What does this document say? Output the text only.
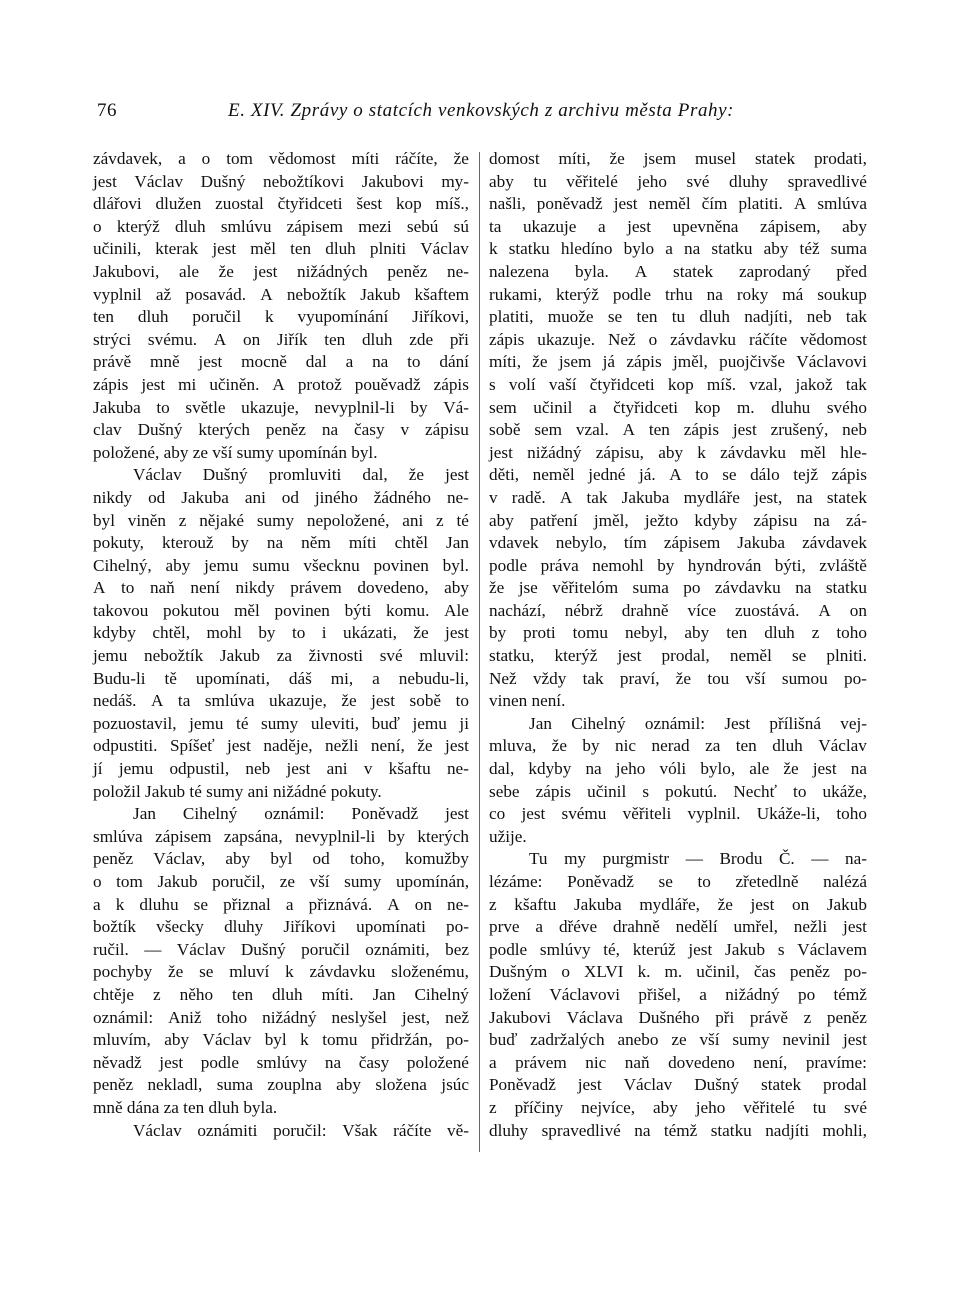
76	E. XIV. Zprávy o statcích venkovských z archivu města Prahy:
závdavek, a o tom vědomost míti ráčíte, že
jest Václav Dušný nebožtíkovi Jakubovi my-
dlářovi dlužen zuostal čtyřidceti šest kop míš.,
o kterýž dluh smlúvu zápisem mezi sebú sú
učinili, kterak jest měl ten dluh plniti Václav
Jakubovi, ale že jest nižádných peněz ne-
vyplnil až posavád. A nebožtík Jakub kšaftem
ten dluh poručil k vyupomínání Jiříkovi,
strýci svému. A on Jiřík ten dluh zde při
právě mně jest mocně dal a na to dání
zápis jest mi učiněn. A protož pouěvadž zápis
Jakuba to světle ukazuje, nevyplnil-li by Vá-
clav Dušný kterých peněz na časy v zápisu
položené, aby ze vší sumy upomínán byl.
Václav Dušný promluviti dal, že jest
nikdy od Jakuba ani od jiného žádného ne-
byl viněn z nějaké sumy nepoložené, ani z té
pokuty, kterouž by na něm míti chtěl Jan
Cihelný, aby jemu sumu všecknu povinen byl.
A to naň není nikdy právem dovedeno, aby
takovou pokutou měl povinen býti komu. Ale
kdyby chtěl, mohl by to i ukázati, že jest
jemu nebožtík Jakub za živnosti své mluvil:
Budu-li tě upomínati, dáš mi, a nebudu-li,
nedáš. A ta smlúva ukazuje, že jest sobě to
pozuostavil, jemu té sumy uleviti, buď jemu ji
odpustiti. Spíšeť jest naděje, nežli není, že jest
jí jemu odpustil, neb jest ani v kšaftu ne-
položil Jakub té sumy ani nižádné pokuty.
Jan Cihelný oznámil: Poněvadž jest
smlúva zápisem zapsána, nevyplnil-li by kterých
peněz Václav, aby byl od toho, komužby
o tom Jakub poručil, ze vší sumy upomínán,
a k dluhu se přiznal a přiznává. A on ne-
božtík všecky dluhy Jiříkovi upomínati po-
ručil. — Václav Dušný poručil oznámiti, bez
pochyby že se mluví k závdavku složenému,
chtěje z něho ten dluh míti. Jan Cihelný
oznámil: Aniž toho nižádný neslyšel jest, než
mluvím, aby Václav byl k tomu přidržán, po-
něvadž jest podle smlúvy na časy položené
peněz nekladl, suma zouplna aby složena jsúc
mně dána za ten dluh byla.
Václav oznámiti poručil: Však ráčíte vě-
domost míti, že jsem musel statek prodati,
aby tu věřitelé jeho své dluhy spravedlivé
našli, poněvadž jest neměl čím platiti. A smlúva
ta ukazuje a jest upevněna zápisem, aby
k statku hledíno bylo a na statku aby též suma
nalezena byla. A statek zaprodaný před
rukami, kterýž podle trhu na roky má soukup
platiti, muože se ten tu dluh nadjíti, neb tak
zápis ukazuje. Než o závdavku ráčíte vědomost
míti, že jsem já zápis jměl, puojčivše Václavovi
s volí vaší čtyřidceti kop míš. vzal, jakož tak
sem učinil a čtyřidceti kop m. dluhu svého
sobě sem vzal. A ten zápis jest zrušený, neb
jest nižádný zápisu, aby k závdavku měl hle-
děti, neměl jedné já. A to se dálo tejž zápis
v radě. A tak Jakuba mydláře jest, na statek
aby patření jměl, ježto kdyby zápisu na zá-
vdavek nebylo, tím zápisem Jakuba závdavek
podle práva nemohl by hyndrován býti, zvláště
že jse věřitelóm suma po závdavku na statku
nachází, nébrž drahně více zuostává. A on
by proti tomu nebyl, aby ten dluh z toho
statku, kterýž jest prodal, neměl se plniti.
Než vždy tak praví, že tou vší sumou po-
vinen není.
Jan Cihelný oznámil: Jest přílišná vej-
mluva, že by nic nerad za ten dluh Václav
dal, kdyby na jeho vóli bylo, ale že jest na
sebe zápis učinil s pokutú. Nechť to ukáže,
co jest svému věřiteli vyplnil. Ukáže-li, toho
užije.
Tu my purgmistr — Brodu Č. — na-
lézáme: Poněvadž se to zřetedlně nalézá
z kšaftu Jakuba mydláře, že jest on Jakub
prve a dřéve drahně nedělí umřel, nežli jest
podle smlúvy té, kterúž jest Jakub s Václavem
Dušným o XLVI k. m. učinil, čas peněz po-
ložení Václavovi přišel, a nižádný po témž
Jakubovi Václava Dušného při právě z peněz
buď zadržalých anebo ze vší sumy nevinil jest
a právem nic naň dovedeno není, pravíme:
Poněvadž jest Václav Dušný statek prodal
z příčiny nejvíce, aby jeho věřitelé tu své
dluhy spravedlivé na témž statku nadjíti mohli,
